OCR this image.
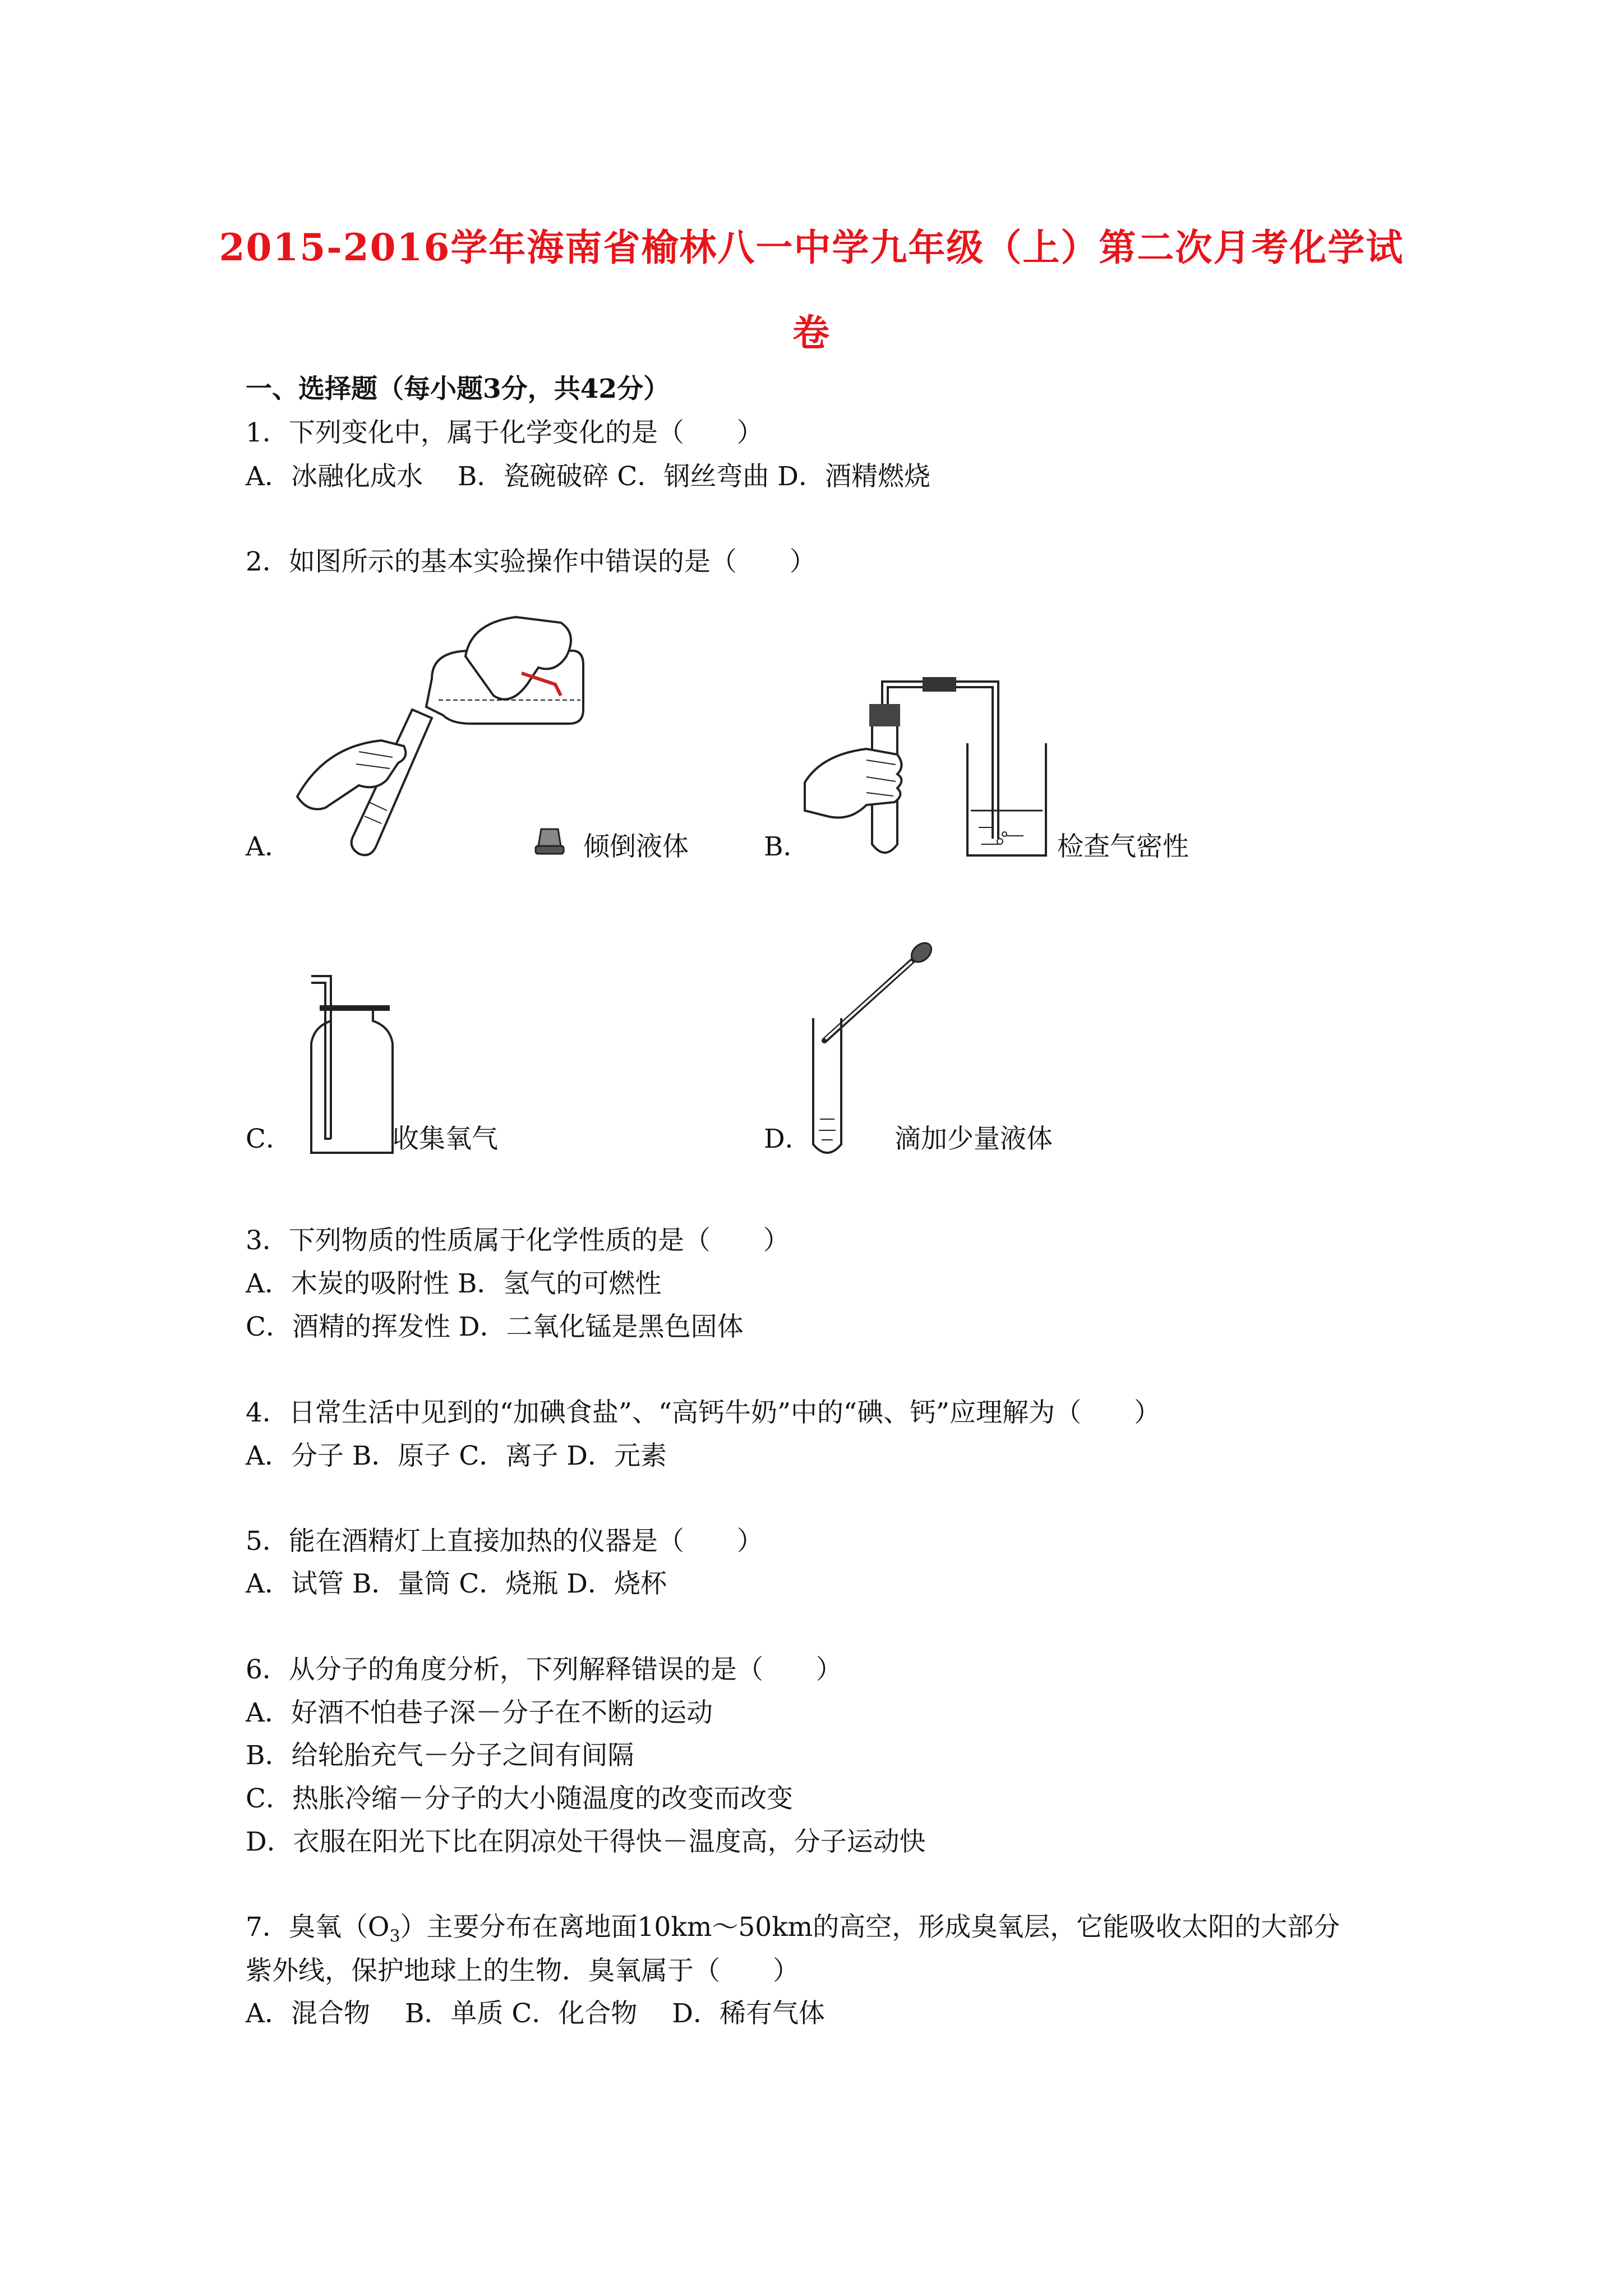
2015-2016学年海南省榆林八一中学九年级（上）第二次月考化学试
卷
一、选择题（每小题3分，共42分）
1．下列变化中，属于化学变化的是（　　）
A．冰融化成水　 B．瓷碗破碎 C．钢丝弯曲 D．酒精燃烧
2．如图所示的基本实验操作中错误的是（　　）
A．	倾倒液体	B．	检查气密性
C．	收集氧气	D．	滴加少量液体
3．下列物质的性质属于化学性质的是（　　）
A．木炭的吸附性 B．氢气的可燃性
C．酒精的挥发性 D．二氧化锰是黑色固体
4．日常生活中见到的“加碘食盐”、“高钙牛奶”中的“碘、钙”应理解为（　　）
A．分子 B．原子 C．离子 D．元素
5．能在酒精灯上直接加热的仪器是（　　）
A．试管 B．量筒 C．烧瓶 D．烧杯
6．从分子的角度分析，下列解释错误的是（　　）
A．好酒不怕巷子深－分子在不断的运动
B．给轮胎充气－分子之间有间隔
C．热胀冷缩－分子的大小随温度的改变而改变
D．衣服在阳光下比在阴凉处干得快－温度高，分子运动快
7．臭氧$(O_3)$主要分布在离地面10km～50km的高空，形成臭氧层，它能吸收太阳的大部分
紫外线，保护地球上的生物．臭氧属于（　　）
A．混合物　 B．单质 C．化合物　 D．稀有气体
